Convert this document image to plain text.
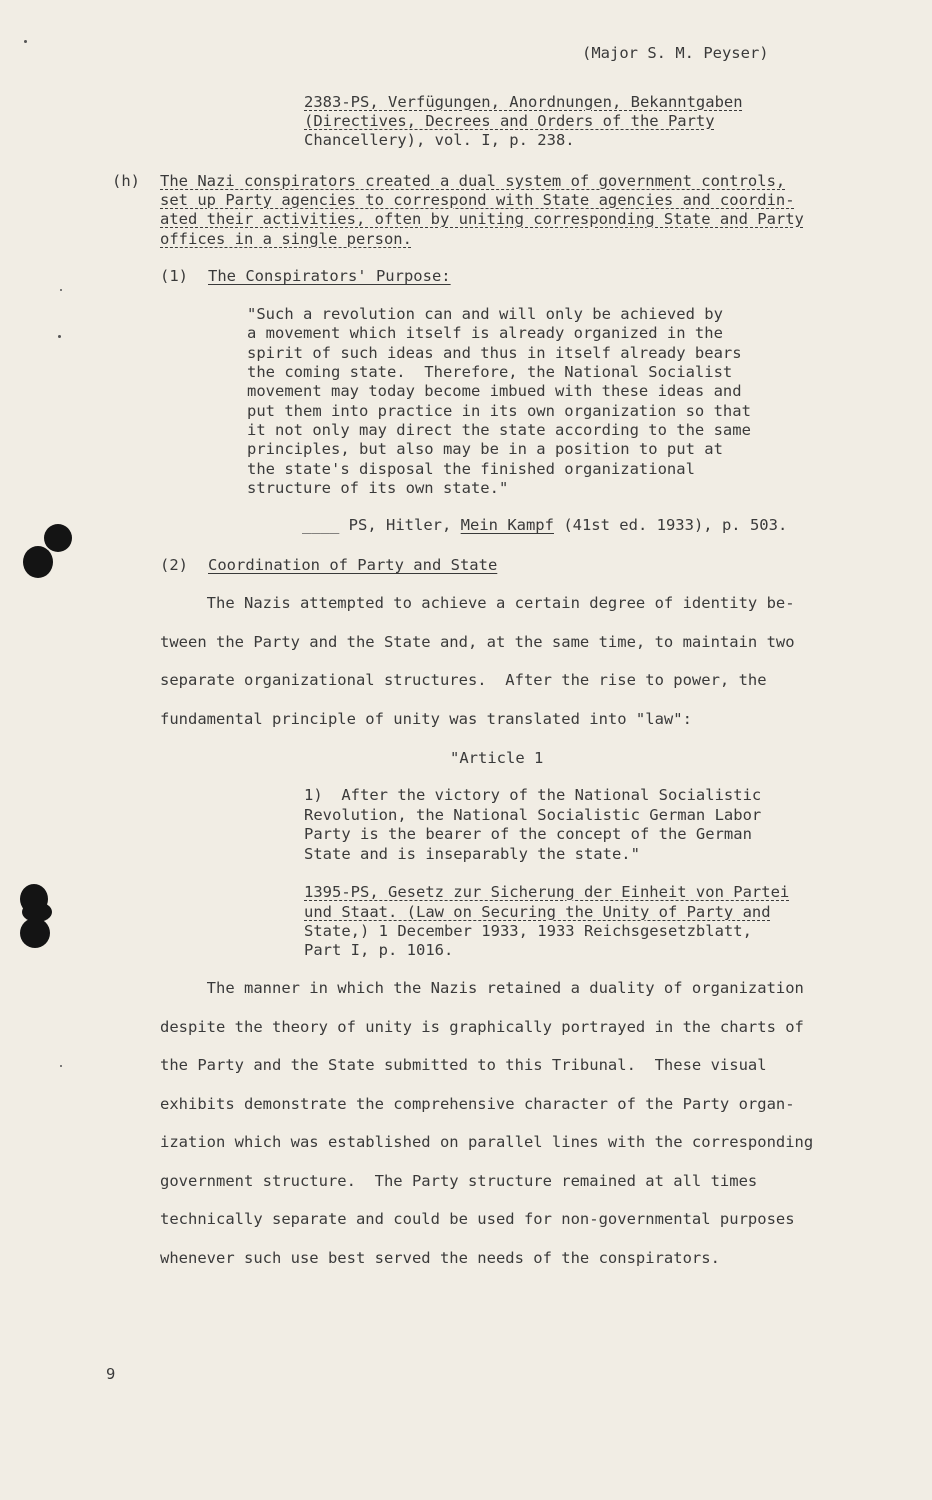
(Major S. M. Peyser)
2383-PS, Verfügungen, Anordnungen, Bekanntgaben
(Directives, Decrees and Orders of the Party
Chancellery), vol. I, p. 238.
(h) The Nazi conspirators created a dual system of government controls,
set up Party agencies to correspond with State agencies and coordin-
ated their activities, often by uniting corresponding State and Party
offices in a single person.
(1) The Conspirators' Purpose:
"Such a revolution can and will only be achieved by
a movement which itself is already organized in the
spirit of such ideas and thus in itself already bears
the coming state.  Therefore, the National Socialist
movement may today become imbued with these ideas and
put them into practice in its own organization so that
it not only may direct the state according to the same
principles, but also may be in a position to put at
the state's disposal the finished organizational
structure of its own state."
____ PS, Hitler, Mein Kampf (41st ed. 1933), p. 503.
(2) Coordination of Party and State
The Nazis attempted to achieve a certain degree of identity be-
tween the Party and the State and, at the same time, to maintain two
separate organizational structures.  After the rise to power, the
fundamental principle of unity was translated into "law":
"Article 1
1)  After the victory of the National Socialistic
Revolution, the National Socialistic German Labor
Party is the bearer of the concept of the German
State and is inseparably the state."
1395-PS, Gesetz zur Sicherung der Einheit von Partei
und Staat. (Law on Securing the Unity of Party and
State,) 1 December 1933, 1933 Reichsgesetzblatt,
Part I, p. 1016.
The manner in which the Nazis retained a duality of organization
despite the theory of unity is graphically portrayed in the charts of
the Party and the State submitted to this Tribunal.  These visual
exhibits demonstrate the comprehensive character of the Party organ-
ization which was established on parallel lines with the corresponding
government structure.  The Party structure remained at all times
technically separate and could be used for non-governmental purposes
whenever such use best served the needs of the conspirators.
9
